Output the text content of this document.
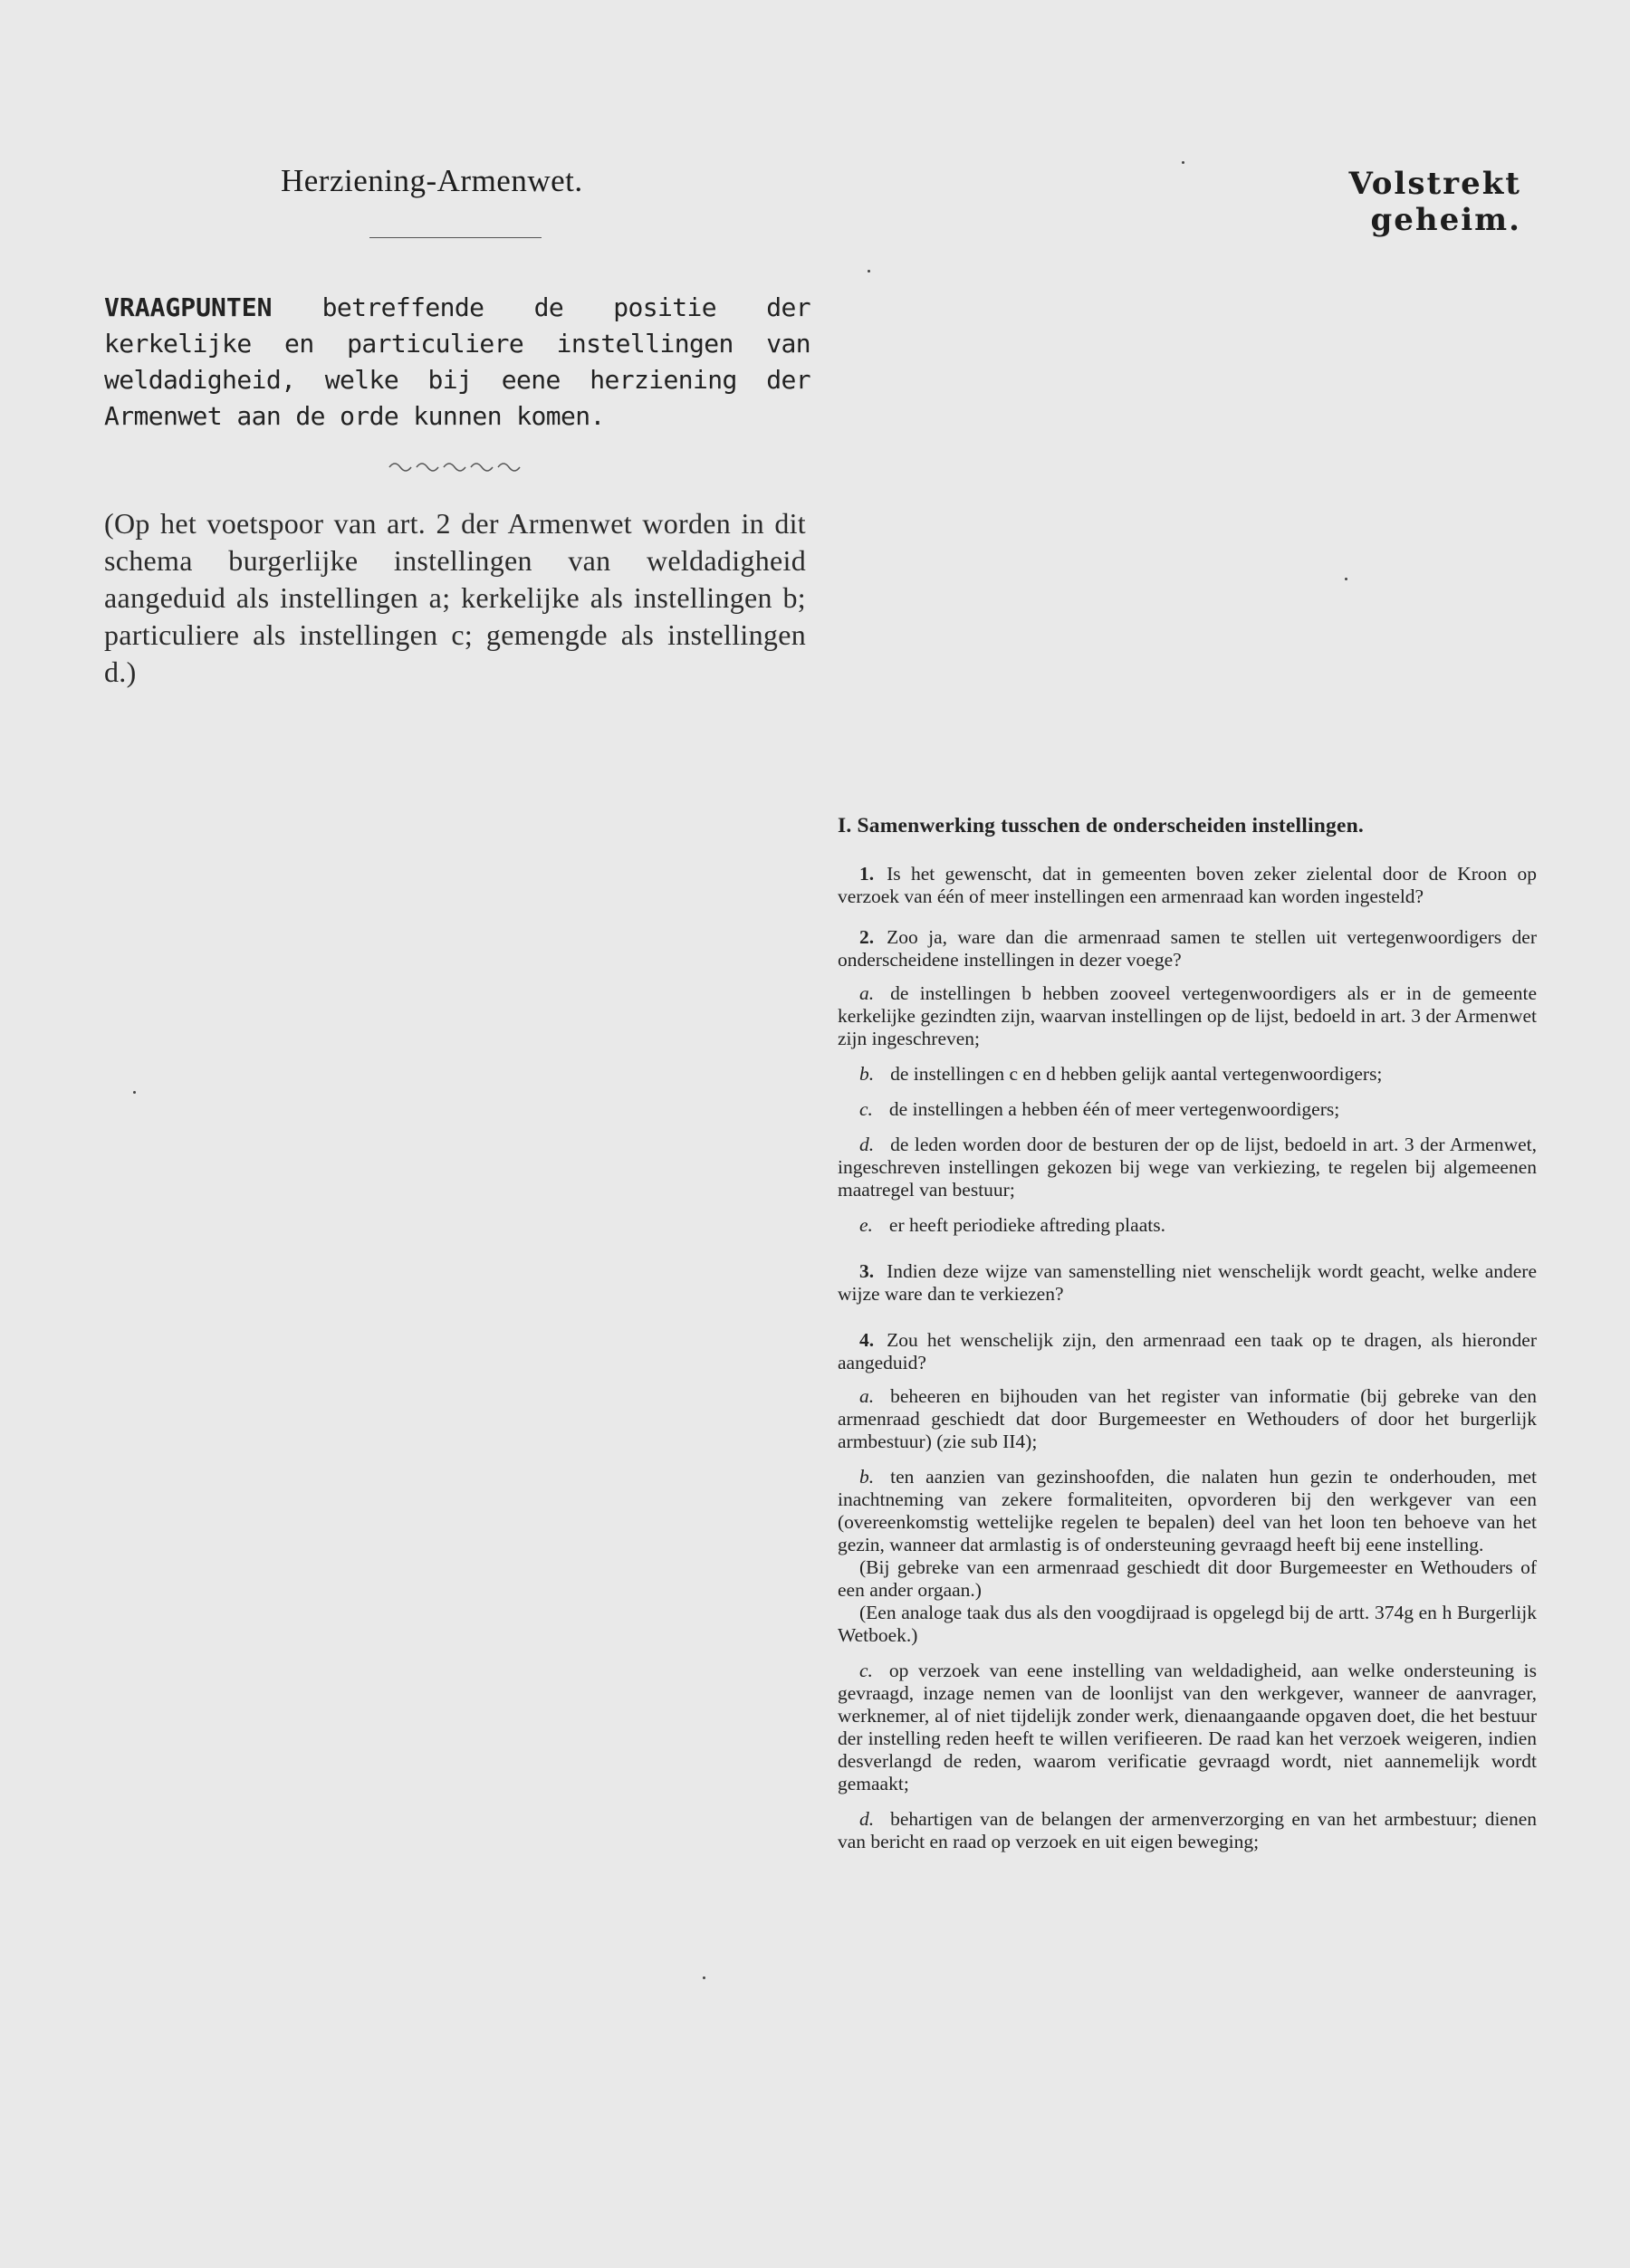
Herziening-Armenwet.	Volstrekt geheim.
VRAAGPUNTEN betreffende de positie der kerkelijke en particuliere instellingen van weldadigheid, welke bij eene herziening der Armenwet aan de orde kunnen komen.
(Op het voetspoor van art. 2 der Armenwet worden in dit schema burgerlijke instellingen van weldadigheid aangeduid als instellingen a; kerkelijke als instellingen b; particuliere als instellingen c; gemengde als instellingen d.)
I. Samenwerking tusschen de onderscheiden instellingen.
1. Is het gewenscht, dat in gemeenten boven zeker zielental door de Kroon op verzoek van één of meer instellingen een armenraad kan worden ingesteld?
2. Zoo ja, ware dan die armenraad samen te stellen uit vertegenwoordigers der onderscheidene instellingen in dezer voege?
a. de instellingen b hebben zooveel vertegenwoordigers als er in de gemeente kerkelijke gezindten zijn, waarvan instellingen op de lijst, bedoeld in art. 3 der Armenwet zijn ingeschreven;
b. de instellingen c en d hebben gelijk aantal vertegenwoordigers;
c. de instellingen a hebben één of meer vertegenwoordigers;
d. de leden worden door de besturen der op de lijst, bedoeld in art. 3 der Armenwet, ingeschreven instellingen gekozen bij wege van verkiezing, te regelen bij algemeenen maatregel van bestuur;
e. er heeft periodieke aftreding plaats.
3. Indien deze wijze van samenstelling niet wenschelijk wordt geacht, welke andere wijze ware dan te verkiezen?
4. Zou het wenschelijk zijn, den armenraad een taak op te dragen, als hieronder aangeduid?
a. beheeren en bijhouden van het register van informatie (bij gebreke van den armenraad geschiedt dat door Burgemeester en Wethouders of door het burgerlijk armbestuur) (zie sub II4);
b. ten aanzien van gezinshoofden, die nalaten hun gezin te onderhouden, met inachtneming van zekere formaliteiten, opvorderen bij den werkgever van een (overeenkomstig wettelijke regelen te bepalen) deel van het loon ten behoeve van het gezin, wanneer dat armlastig is of ondersteuning gevraagd heeft bij eene instelling.
(Bij gebreke van een armenraad geschiedt dit door Burgemeester en Wethouders of een ander orgaan.)
(Een analoge taak dus als den voogdijraad is opgelegd bij de artt. 374g en h Burgerlijk Wetboek.)
c. op verzoek van eene instelling van weldadigheid, aan welke ondersteuning is gevraagd, inzage nemen van de loonlijst van den werkgever, wanneer de aanvrager, werknemer, al of niet tijdelijk zonder werk, dienaangaande opgaven doet, die het bestuur der instelling reden heeft te willen verifieeren. De raad kan het verzoek weigeren, indien desverlangd de reden, waarom verificatie gevraagd wordt, niet aannemelijk wordt gemaakt;
d. behartigen van de belangen der armenverzorging en van het armbestuur; dienen van bericht en raad op verzoek en uit eigen beweging;
